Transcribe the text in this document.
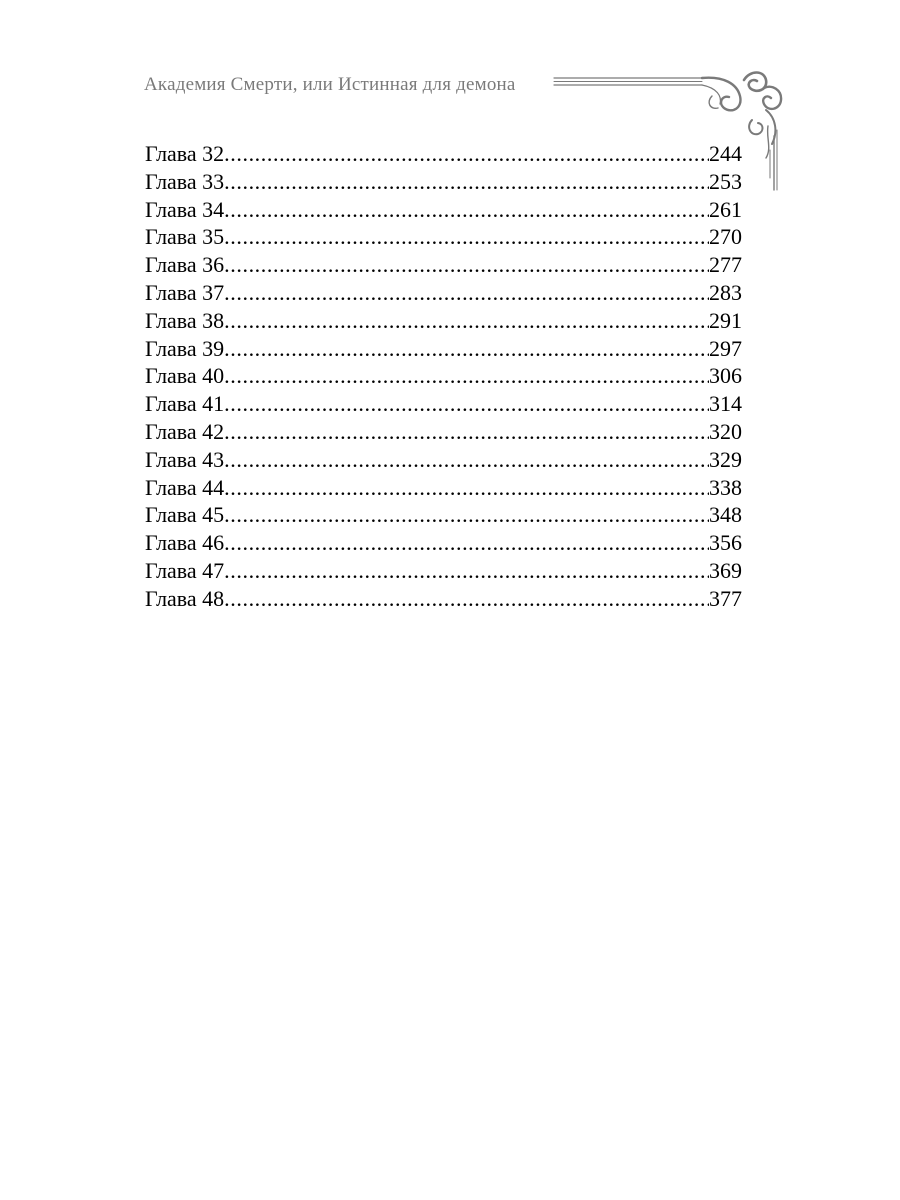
Академия Смерти, или Истинная для демона
Глава 32 .....	244
Глава 33 .....	253
Глава 34 .....	261
Глава 35 .....	270
Глава 36 .....	277
Глава 37 .....	283
Глава 38 .....	291
Глава 39 .....	297
Глава 40 .....	306
Глава 41 .....	314
Глава 42 .....	320
Глава 43 .....	329
Глава 44 .....	338
Глава 45 .....	348
Глава 46 .....	356
Глава 47 .....	369
Глава 48 .....	377
